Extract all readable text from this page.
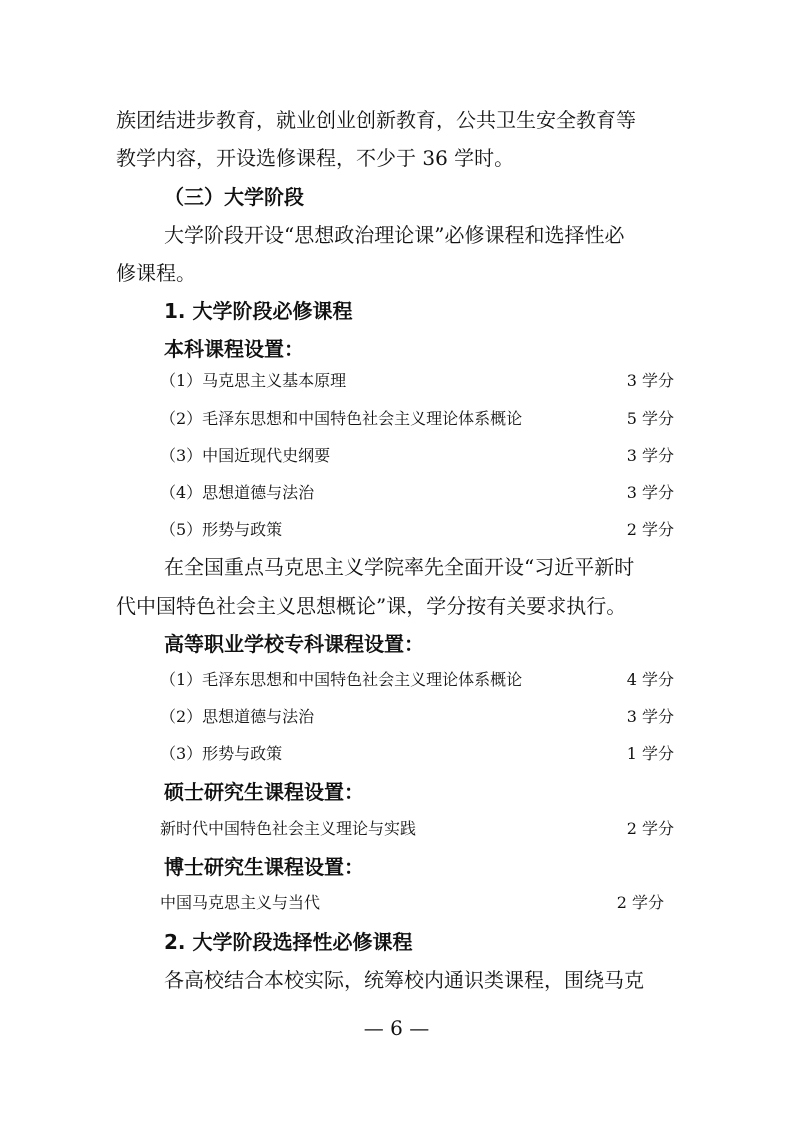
族团结进步教育，就业创业创新教育，公共卫生安全教育等
教学内容，开设选修课程，不少于 36 学时。
（三）大学阶段
大学阶段开设“思想政治理论课”必修课程和选择性必
修课程。
1. 大学阶段必修课程
本科课程设置：
（1）马克思主义基本原理	3 学分
（2）毛泽东思想和中国特色社会主义理论体系概论	5 学分
（3）中国近现代史纲要	3 学分
（4）思想道德与法治	3 学分
（5）形势与政策	2 学分
在全国重点马克思主义学院率先全面开设“习近平新时
代中国特色社会主义思想概论”课，学分按有关要求执行。
高等职业学校专科课程设置：
（1）毛泽东思想和中国特色社会主义理论体系概论	4 学分
（2）思想道德与法治	3 学分
（3）形势与政策	1 学分
硕士研究生课程设置：
新时代中国特色社会主义理论与实践	2 学分
博士研究生课程设置：
中国马克思主义与当代	2 学分
2. 大学阶段选择性必修课程
各高校结合本校实际，统筹校内通识类课程，围绕马克
— 6 —
